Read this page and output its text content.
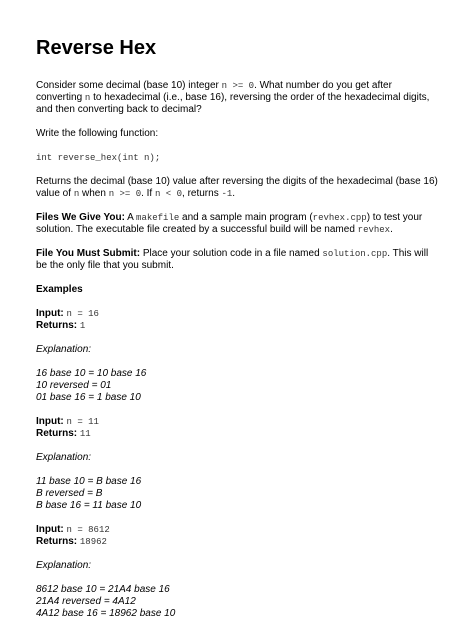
Reverse Hex

Consider some decimal (base 10) integer n >= 0. What number do you get after converting n to hexadecimal (i.e., base 16), reversing the order of the hexadecimal digits, and then converting back to decimal?

Write the following function:

int reverse_hex(int n);

Returns the decimal (base 10) value after reversing the digits of the hexadecimal (base 16) value of n when n >= 0. If n < 0, returns -1.

Files We Give You: A makefile and a sample main program (revhex.cpp) to test your solution. The executable file created by a successful build will be named revhex.

File You Must Submit: Place your solution code in a file named solution.cpp. This will be the only file that you submit.

Examples

Input: n = 16

Returns: 1

Explanation:

16 base 10 = 10 base 16

10 reversed = 01

01 base 16 = 1 base 10

Input: n = 11

Returns: 11

Explanation:

11 base 10 = B base 16

B reversed = B

B base 16 = 11 base 10

Input: n = 8612

Returns: 18962

Explanation:

8612 base 10 = 21A4 base 16

21A4 reversed = 4A12

4A12 base 16 = 18962 base 10
